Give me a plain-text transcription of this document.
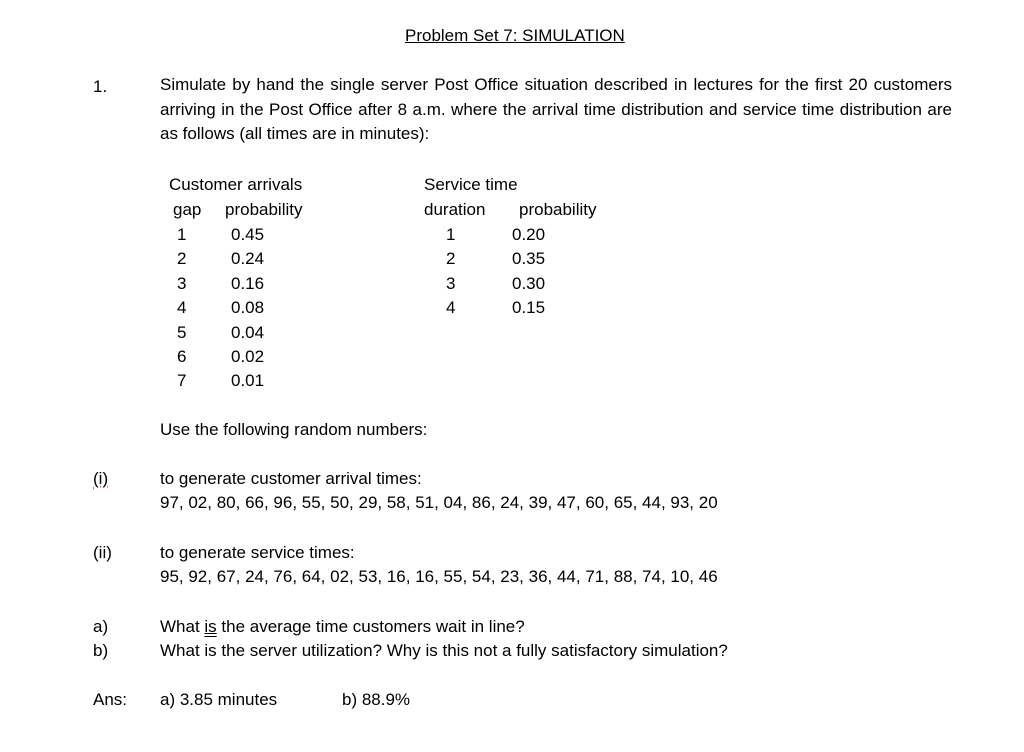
Problem Set 7: SIMULATION
1.	Simulate by hand the single server Post Office situation described in lectures for the first 20 customers arriving in the Post Office after 8 a.m. where the arrival time distribution and service time distribution are as follows (all times are in minutes):
Customer arrivals
gap probability
1	0.45
2	0.24
3	0.16
4	0.08
5	0.04
6	0.02
7	0.01
Service time
duration probability
1	0.20
2	0.35
3	0.30
4	0.15
Use the following random numbers:
(i)	to generate customer arrival times:
97, 02, 80, 66, 96, 55, 50, 29, 58, 51, 04, 86, 24, 39, 47, 60, 65, 44, 93, 20
(ii)	to generate service times:
95, 92, 67, 24, 76, 64, 02, 53, 16, 16, 55, 54, 23, 36, 44, 71, 88, 74, 10, 46
a)	What is the average time customers wait in line?
b)	What is the server utilization? Why is this not a fully satisfactory simulation?
Ans: a) 3.85 minutes	b) 88.9%
